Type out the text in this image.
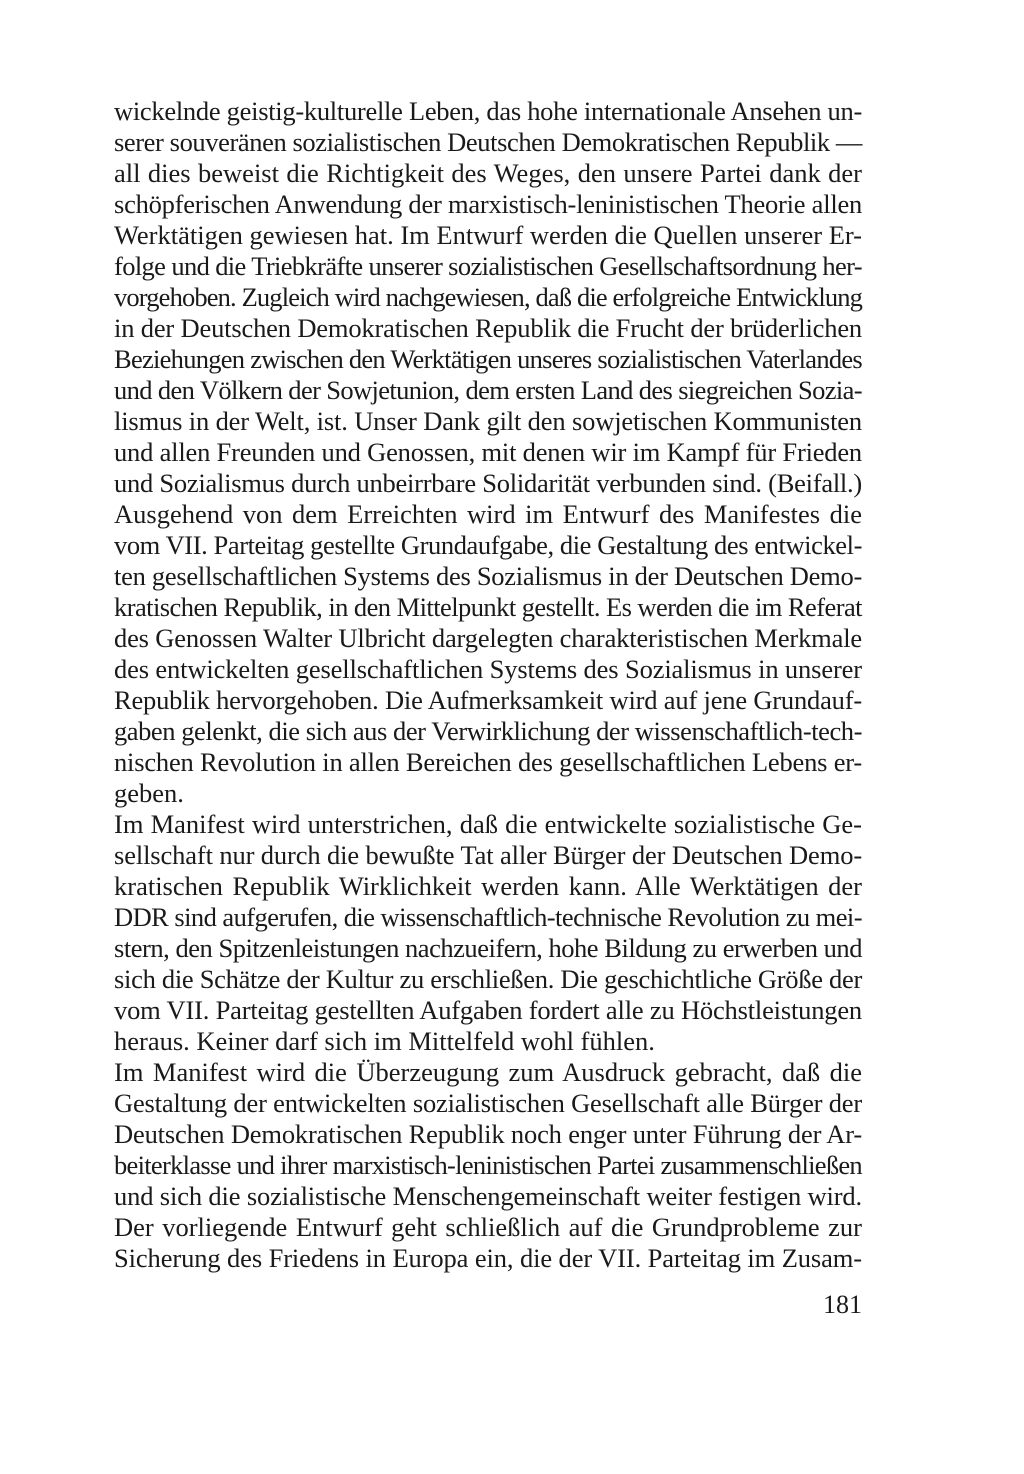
wickelnde geistig-kulturelle Leben, das hohe internationale Ansehen un-
serer souveränen sozialistischen Deutschen Demokratischen Republik —
all dies beweist die Richtigkeit des Weges, den unsere Partei dank der
schöpferischen Anwendung der marxistisch-leninistischen Theorie allen
Werktätigen gewiesen hat. Im Entwurf werden die Quellen unserer Er-
folge und die Triebkräfte unserer sozialistischen Gesellschaftsordnung her-
vorgehoben. Zugleich wird nachgewiesen, daß die erfolgreiche Entwicklung
in der Deutschen Demokratischen Republik die Frucht der brüderlichen
Beziehungen zwischen den Werktätigen unseres sozialistischen Vaterlandes
und den Völkern der Sowjetunion, dem ersten Land des siegreichen Sozia-
lismus in der Welt, ist. Unser Dank gilt den sowjetischen Kommunisten
und allen Freunden und Genossen, mit denen wir im Kampf für Frieden
und Sozialismus durch unbeirrbare Solidarität verbunden sind. (Beifall.)
Ausgehend von dem Erreichten wird im Entwurf des Manifestes die
vom VII. Parteitag gestellte Grundaufgabe, die Gestaltung des entwickel-
ten gesellschaftlichen Systems des Sozialismus in der Deutschen Demo-
kratischen Republik, in den Mittelpunkt gestellt. Es werden die im Referat
des Genossen Walter Ulbricht dargelegten charakteristischen Merkmale
des entwickelten gesellschaftlichen Systems des Sozialismus in unserer
Republik hervorgehoben. Die Aufmerksamkeit wird auf jene Grundauf-
gaben gelenkt, die sich aus der Verwirklichung der wissenschaftlich-tech-
nischen Revolution in allen Bereichen des gesellschaftlichen Lebens er-
geben.
Im Manifest wird unterstrichen, daß die entwickelte sozialistische Ge-
sellschaft nur durch die bewußte Tat aller Bürger der Deutschen Demo-
kratischen Republik Wirklichkeit werden kann. Alle Werktätigen der
DDR sind aufgerufen, die wissenschaftlich-technische Revolution zu mei-
stern, den Spitzenleistungen nachzueifern, hohe Bildung zu erwerben und
sich die Schätze der Kultur zu erschließen. Die geschichtliche Größe der
vom VII. Parteitag gestellten Aufgaben fordert alle zu Höchstleistungen
heraus. Keiner darf sich im Mittelfeld wohl fühlen.
Im Manifest wird die Überzeugung zum Ausdruck gebracht, daß die
Gestaltung der entwickelten sozialistischen Gesellschaft alle Bürger der
Deutschen Demokratischen Republik noch enger unter Führung der Ar-
beiterklasse und ihrer marxistisch-leninistischen Partei zusammenschließen
und sich die sozialistische Menschengemeinschaft weiter festigen wird.
Der vorliegende Entwurf geht schließlich auf die Grundprobleme zur
Sicherung des Friedens in Europa ein, die der VII. Parteitag im Zusam-
181
